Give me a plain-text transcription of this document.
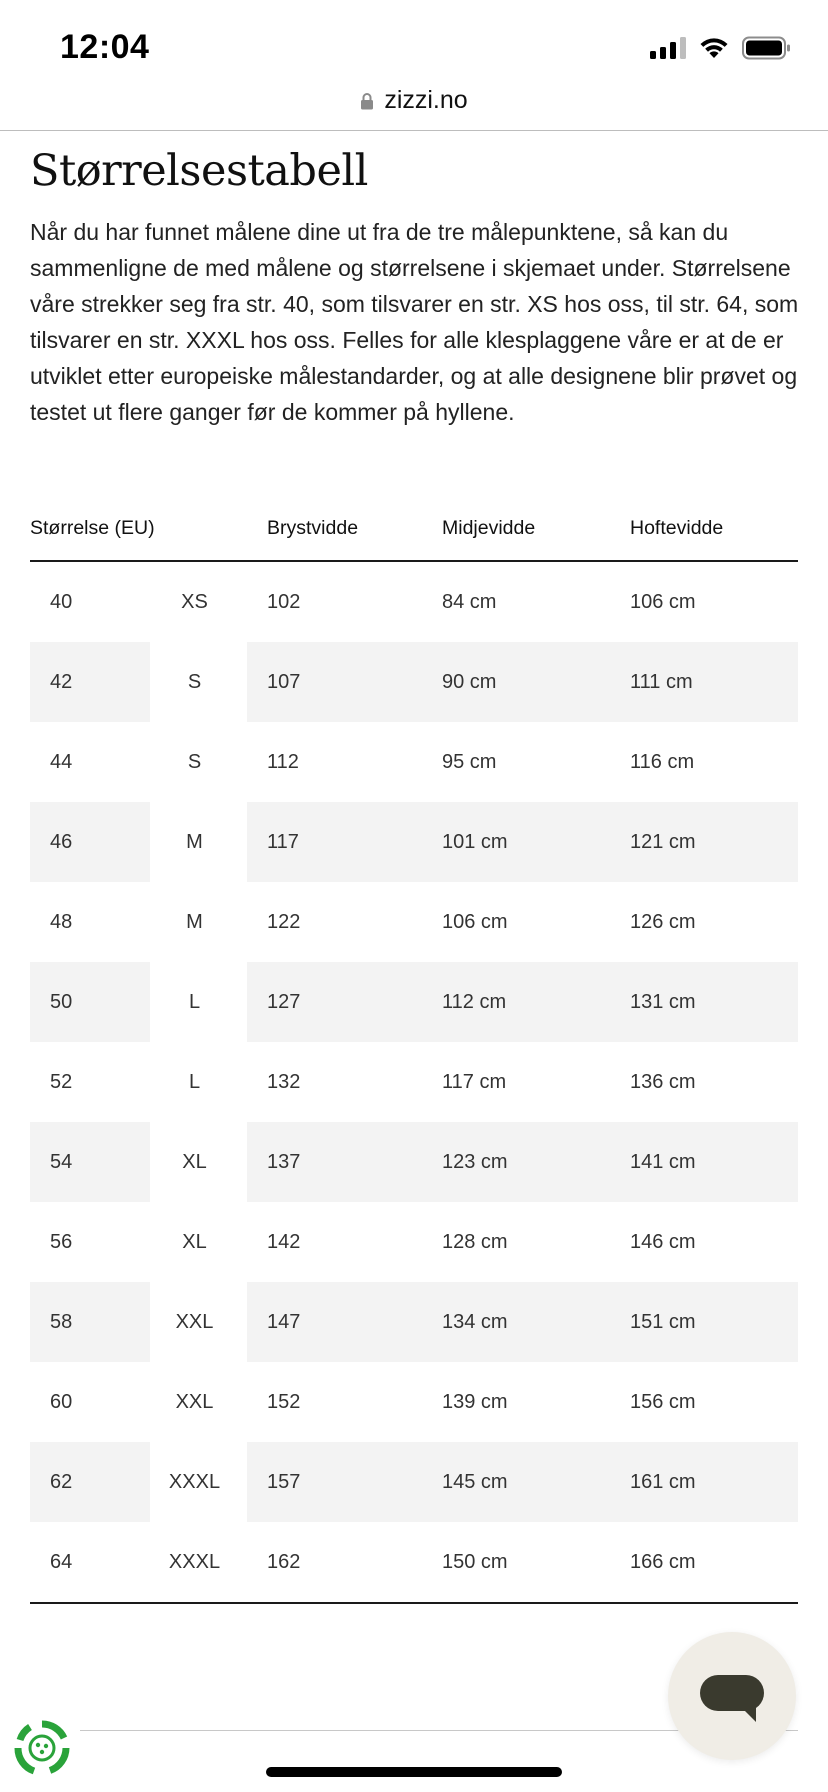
12:04
zizzi.no
Størrelsestabell

Når du har funnet målene dine ut fra de tre målepunktene, så kan du sammenligne de med målene og størrelsene i skjemaet under. Størrelsene våre strekker seg fra str. 40, som tilsvarer en str. XS hos oss, til str. 64, som tilsvarer en str. XXXL hos oss. Felles for alle klesplaggene våre er at de er utviklet etter europeiske målestandarder, og at alle designene blir prøvet og testet ut flere ganger før de kommer på hyllene.

Størrelse (EU)			Brystvidde	Midjevidde	Hoftevidde
40	XS		102	84 cm	106 cm
42	S		107	90 cm	111 cm
44	S		112	95 cm	116 cm
46	M		117	101 cm	121 cm
48	M		122	106 cm	126 cm
50	L		127	112 cm	131 cm
52	L		132	117 cm	136 cm
54	XL		137	123 cm	141 cm
56	XL		142	128 cm	146 cm
58	XXL		147	134 cm	151 cm
60	XXL		152	139 cm	156 cm
62	XXXL		157	145 cm	161 cm
64	XXXL		162	150 cm	166 cm
